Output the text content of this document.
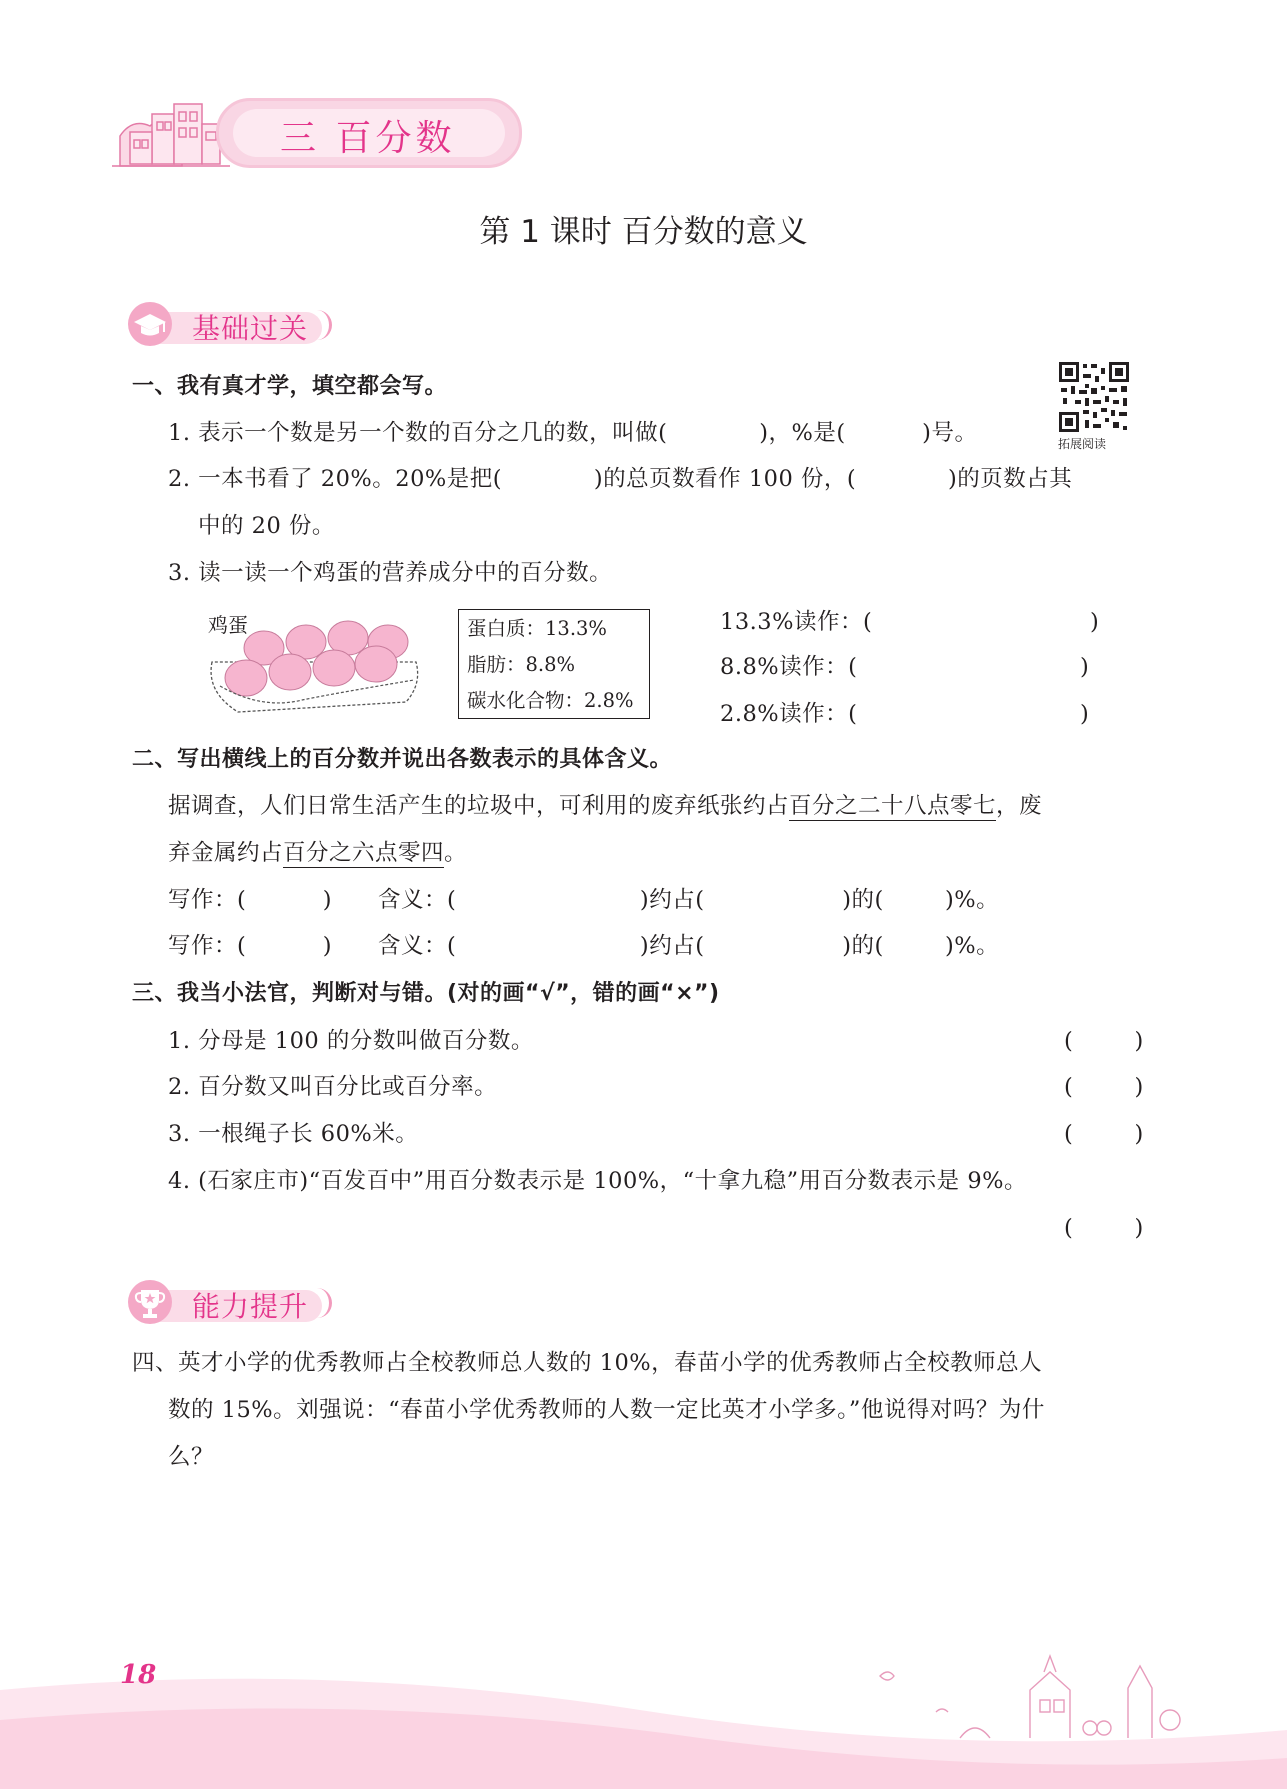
三 百分数
第 1 课时 百分数的意义
基础过关
拓展阅读
一、我有真才学，填空都会写。
1. 表示一个数是另一个数的百分之几的数，叫做(            )，%是(          )号。
2. 一本书看了 20%。20%是把(            )的总页数看作 100 份，(            )的页数占其
中的 20 份。
3. 读一读一个鸡蛋的营养成分中的百分数。
鸡蛋	蛋白质：13.3%
脂肪：8.8%
碳水化合物：2.8%
13.3%读作：(	)
8.8%读作：(	)
2.8%读作：(	)
二、写出横线上的百分数并说出各数表示的具体含义。
据调查，人们日常生活产生的垃圾中，可利用的废弃纸张约占百分之二十八点零七，废
弃金属约占百分之六点零四。
写作：(          )      含义：(                        )约占(                  )的(        )%。
写作：(          )      含义：(                        )约占(                  )的(        )%。
三、我当小法官，判断对与错。(对的画“√”，错的画“×”)
1. 分母是 100 的分数叫做百分数。	(        )
2. 百分数又叫百分比或百分率。	(        )
3. 一根绳子长 60%米。	(        )
4. (石家庄市)“百发百中”用百分数表示是 100%，“十拿九稳”用百分数表示是 9%。
(        )
能力提升
四、英才小学的优秀教师占全校教师总人数的 10%，春苗小学的优秀教师占全校教师总人
数的 15%。刘强说：“春苗小学优秀教师的人数一定比英才小学多。”他说得对吗？为什
么？
18
